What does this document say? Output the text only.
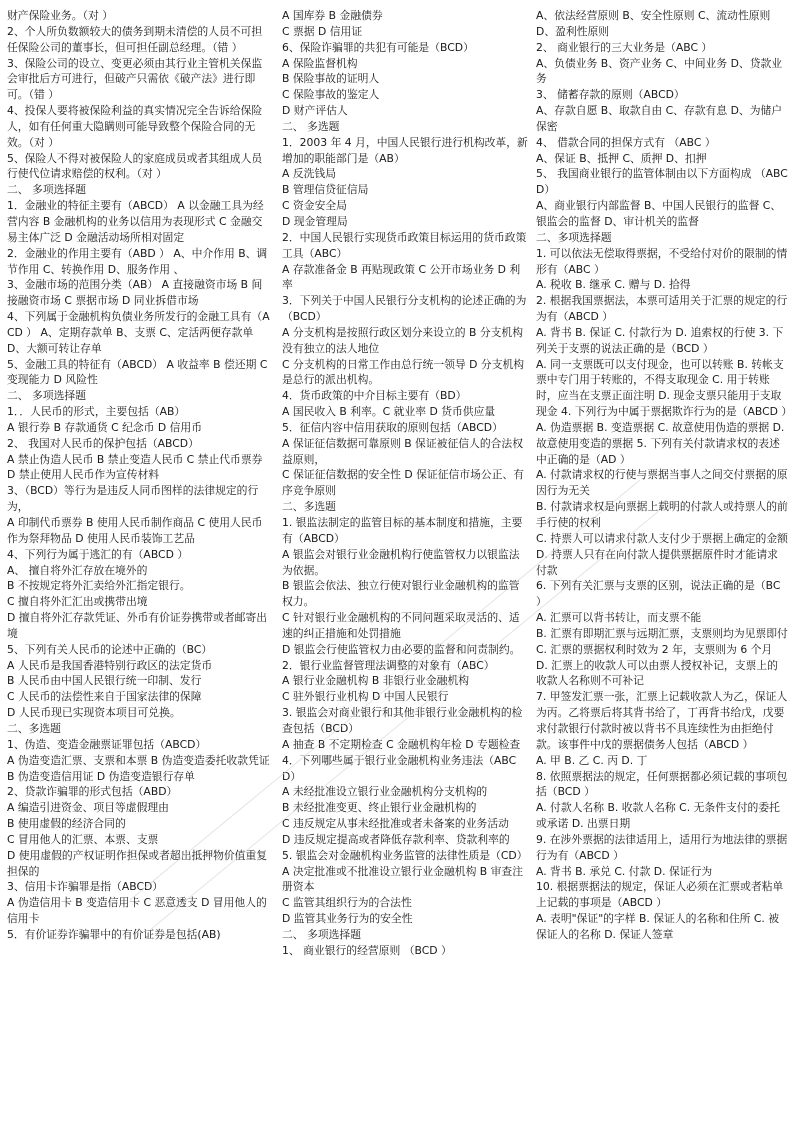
财产保险业务。（对 ）
2、个人所负数额较大的债务到期未清偿的人员不可担任保险公司的董事长，但可担任副总经理。（错 ）
3、保险公司的设立、变更必须由其行业主管机关保监会审批后方可进行，但破产只需依《破产法》进行即可。（错 ）
4、投保人要将被保险利益的真实情况完全告诉给保险人，如有任何重大隐瞒则可能导致整个保险合同的无效。（对 ）
5、保险人不得对被保险人的家庭成员或者其组成人员行使代位请求赔偿的权利。（对 ）
二、 多项选择题
1．金融业的特征主要有（ABCD） A 以金融工具为经营内容 B 金融机构的业务以信用为表现形式 C 金融交易主体广泛 D 金融活动场所相对固定
2．金融业的作用主要有（ABD ） A、中介作用 B、调节作用 C、转换作用 D、服务作用 、
3、金融市场的范围分类（AB） A 直接融资市场 B 间接融资市场 C 票据市场 D 同业拆借市场
4、下列属于金融机构负债业务所发行的金融工具有（ACD ） A、定期存款单 B、支票 C、定活两便存款单 D、大额可转让存单
5、金融工具的特征有（ABCD） A 收益率 B 偿还期 C 变现能力 D 风险性
二、 多项选择题
1．．人民币的形式，主要包括（AB）
A 银行券 B 存款通货 C 纪念币 D 信用币
2、 我国对人民币的保护包括（ABCD）
A 禁止伪造人民币 B 禁止变造人民币 C 禁止代币票券 D 禁止使用人民币作为宣传材料
3、（BCD）等行为是违反人同币图样的法律规定的行为，
A 印制代币票券 B 使用人民币制作商品 C 使用人民币作为祭拜物品 D 使用人民币装饰工艺品
4、下列行为属于逃汇的有（ABCD ）
A、 擅自将外汇存放在境外的
B 不按规定将外汇卖给外汇指定银行。
C 擅自将外汇汇出或携带出境
D 擅自将外汇存款凭证、外币有价证券携带或者邮寄出境
5、下列有关人民币的论述中正确的（BC）
A 人民币是我国香港特别行政区的法定货币
B 人民币由中国人民银行统一印制、发行
C 人民币的法偿性来自于国家法律的保障
D 人民币现已实现资本项目可兑换。
二、多选题
1、伪造、变造金融票证罪包括（ABCD）
A 伪造变造汇票、支票和本票 B 伪造变造委托收款凭证
B 伪造变造信用证 D 伪造变造银行存单
2、贷款诈骗罪的形式包括（ABD）
A 编造引进资金、项目等虚假理由
B 使用虚假的经济合同的
C 冒用他人的汇票、本票、支票
D 使用虚假的产权证明作担保或者超出抵押物价值重复担保的
3、信用卡诈骗罪是指（ABCD）
A 伪造信用卡 B 变造信用卡 C 恶意透支 D 冒用他人的信用卡
5．有价证券诈骗罪中的有价证券是包括(AB)
A 国库券 B 金融债券
C 票据 D 信用证
6、保险诈骗罪的共犯有可能是（BCD）
A 保险监督机构
B 保险事故的证明人
C 保险事故的鉴定人
D 财产评估人
二、 多选题
1．2003 年 4 月，中国人民银行进行机构改革，新增加的职能部门是（AB）
A 反洗钱局
B 管理信贷征信局
C 资金安全局
D 现金管理局
2．中国人民银行实现货币政策目标运用的货币政策工具（ABC）
A 存款准备金 B 再贴现政策 C 公开市场业务 D 利率
3．下列关于中国人民银行分支机构的论述正确的为（BCD）
A 分支机构是按照行政区划分来设立的 B 分支机构没有独立的法人地位
C 分支机构的日常工作由总行统一领导 D 分支机构是总行的派出机构。
4．货币政策的中介目标主要有（BD）
A 国民收入 B 利率。C 就业率 D 货币供应量
5．征信内容中信用获取的原则包括（ABCD）
A 保证征信数据可靠原则 B 保证被征信人的合法权益原则，
C 保证征信数据的安全性 D 保证征信市场公正、有序竞争原则
二、多选题
1. 银监法制定的监管目标的基本制度和措施，主要有（ABCD）
A 银监会对银行业金融机构行使监管权力以银监法为依据。
B 银监会依法、独立行使对银行业金融机构的监管权力。
C 针对银行业金融机构的不同问题采取灵活的、适速的纠正措施和处罚措施
D 银监会行使监管权力由必要的监督和问责制约。
2．银行业监督管理法调整的对象有（ABC）
A 银行业金融机构 B 非银行业金融机构
C 驻外银行业机构 D 中国人民银行
3. 银监会对商业银行和其他非银行业金融机构的检查包括（BCD）
A 抽查 B 不定期检查 C 金融机构年检 D 专题检查
4．下列哪些属于银行业金融机构业务违法（ABCD）
A 未经批准设立银行业金融机构分支机构的
B 未经批准变更、终止银行业金融机构的
C 违反规定从事未经批准或者未备案的业务活动
D 违反规定提高或者降低存款利率、贷款利率的
5. 银监会对金融机构业务监管的法律性质是（CD）
A 决定批准或不批准设立银行业金融机构 B 审查注册资本
C 监管其组织行为的合法性
D 监管其业务行为的安全性
二、 多项选择题
1、 商业银行的经营原则 （BCD ）
A、依法经营原则 B、安全性原则 C、流动性原则 D、盈利性原则
2、 商业银行的三大业务是（ABC ）
A、负债业务 B、资产业务 C、中间业务 D、贷款业务
3、 储蓄存款的原则（ABCD）
A、存款自愿 B、取款自由 C、存款有息 D、为储户保密
4、 借款合同的担保方式有 （ABC ）
A、保证 B、抵押 C、质押 D、扣押
5、 我国商业银行的监管体制由以下方面构成 （ABCD）
A、商业银行内部监督 B、中国人民银行的监督 C、银监会的监督 D、审计机关的监督
二、多项选择题
1. 可以依法无偿取得票据，不受给付对价的限制的情形有（ABC ）
A. 税收 B. 继承 C. 赠与 D. 拾得
2. 根据我国票据法，本票可适用关于汇票的规定的行为有（ABCD ）
A. 背书 B. 保证 C. 付款行为 D. 追索权的行使 3. 下列关于支票的说法正确的是（BCD ）
A. 同一支票既可以支付现金，也可以转账 B. 转帐支票中专门用于转账的，不得支取现金 C. 用于转账时，应当在支票正面注明 D. 现金支票只能用于支取现金 4. 下列行为中属于票据欺诈行为的是（ABCD ）
A. 伪造票据 B. 变造票据 C. 故意使用伪造的票据 D. 故意使用变造的票据 5. 下列有关付款请求权的表述中正确的是（AD ）
A. 付款请求权的行使与票据当事人之间交付票据的原因行为无关
B. 付款请求权是向票据上载明的付款人或持票人的前手行使的权利
C. 持票人可以请求付款人支付少于票据上确定的金额
D. 持票人只有在向付款人提供票据原件时才能请求付款
6. 下列有关汇票与支票的区别，说法正确的是（BC ）
A. 汇票可以背书转让，而支票不能
B. 汇票有即期汇票与远期汇票，支票则均为见票即付
C. 汇票的票据权利时效为 2 年，支票则为 6 个月
D. 汇票上的收款人可以由票人授权补记，支票上的收款人名称则不可补记
7. 甲签发汇票一张，汇票上记载收款人为乙，保证人为丙。乙将票后将其背书给了，丁再背书给戊，戊要求付款银行付款时被以背书不具连续性为由拒绝付款。该事件中戊的票据债务人包括（ABCD ）
A. 甲 B. 乙 C. 丙 D. 丁
8. 依照票据法的规定，任何票据都必须记载的事项包括（BCD ）
A. 付款人名称 B. 收款人名称 C. 无条件支付的委托或承诺 D. 出票日期
9. 在涉外票据的法律适用上，适用行为地法律的票据行为有（ABCD ）
A. 背书 B. 承兑 C. 付款 D. 保证行为
10. 根据票据法的规定，保证人必须在汇票或者粘单上记载的事项是（ABCD ）
A. 表明"保证"的字样 B. 保证人的名称和住所 C. 被保证人的名称 D. 保证人签章
